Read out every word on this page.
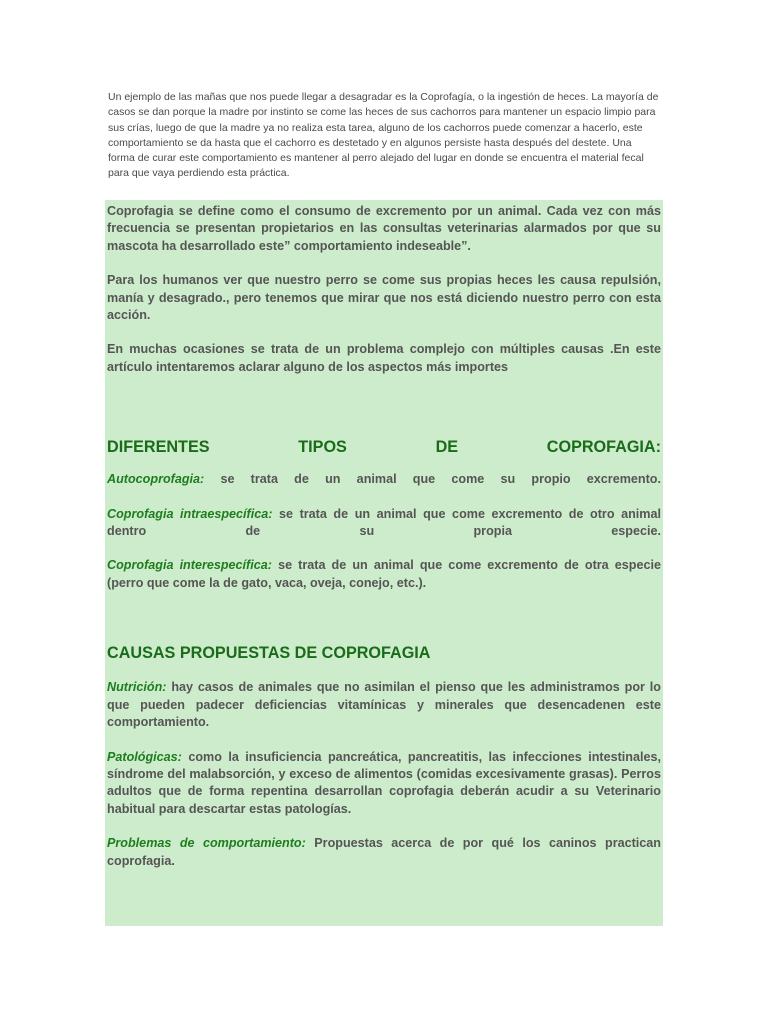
Un ejemplo de las mañas que nos puede llegar a desagradar es la Coprofagía, o la ingestión de heces. La mayoría de casos se dan porque la madre por instinto se come las heces de sus cachorros para mantener un espacio limpio para sus crías, luego de que la madre ya no realiza esta tarea, alguno de los cachorros puede comenzar a hacerlo, este comportamiento se da hasta que el cachorro es destetado y en algunos persiste hasta después del destete. Una forma de curar este comportamiento es mantener al perro alejado del lugar en donde se encuentra el material fecal para que vaya perdiendo esta práctica.

Coprofagia se define como el consumo de excremento por un animal. Cada vez con más frecuencia se presentan propietarios en las consultas veterinarias alarmados por que su mascota ha desarrollado este” comportamiento indeseable”.

Para los humanos ver que nuestro perro se come sus propias heces les causa repulsión, manía y desagrado., pero tenemos que mirar que nos está diciendo nuestro perro con esta acción.

En muchas ocasiones se trata de un problema complejo con múltiples causas .En este artículo intentaremos aclarar alguno de los aspectos más importes

DIFERENTES TIPOS DE COPROFAGIA:

Autocoprofagia: se trata de un animal que come su propio excremento.

Coprofagia intraespecífica: se trata de un animal que come excremento de otro animal dentro de su propia especie.

Coprofagia interespecífica: se trata de un animal que come excremento de otra especie (perro que come la de gato, vaca, oveja, conejo, etc.).

CAUSAS PROPUESTAS DE COPROFAGIA

Nutrición: hay casos de animales que no asimilan el pienso que les administramos por lo que pueden padecer deficiencias vitamínicas y minerales que desencadenen este comportamiento.

Patológicas: como la insuficiencia pancreática, pancreatitis, las infecciones intestinales, síndrome del malabsorción, y exceso de alimentos (comidas excesivamente grasas). Perros adultos que de forma repentina desarrollan coprofagia deberán acudir a su Veterinario habitual para descartar estas patologías.

Problemas de comportamiento: Propuestas acerca de por qué los caninos practican coprofagia.
